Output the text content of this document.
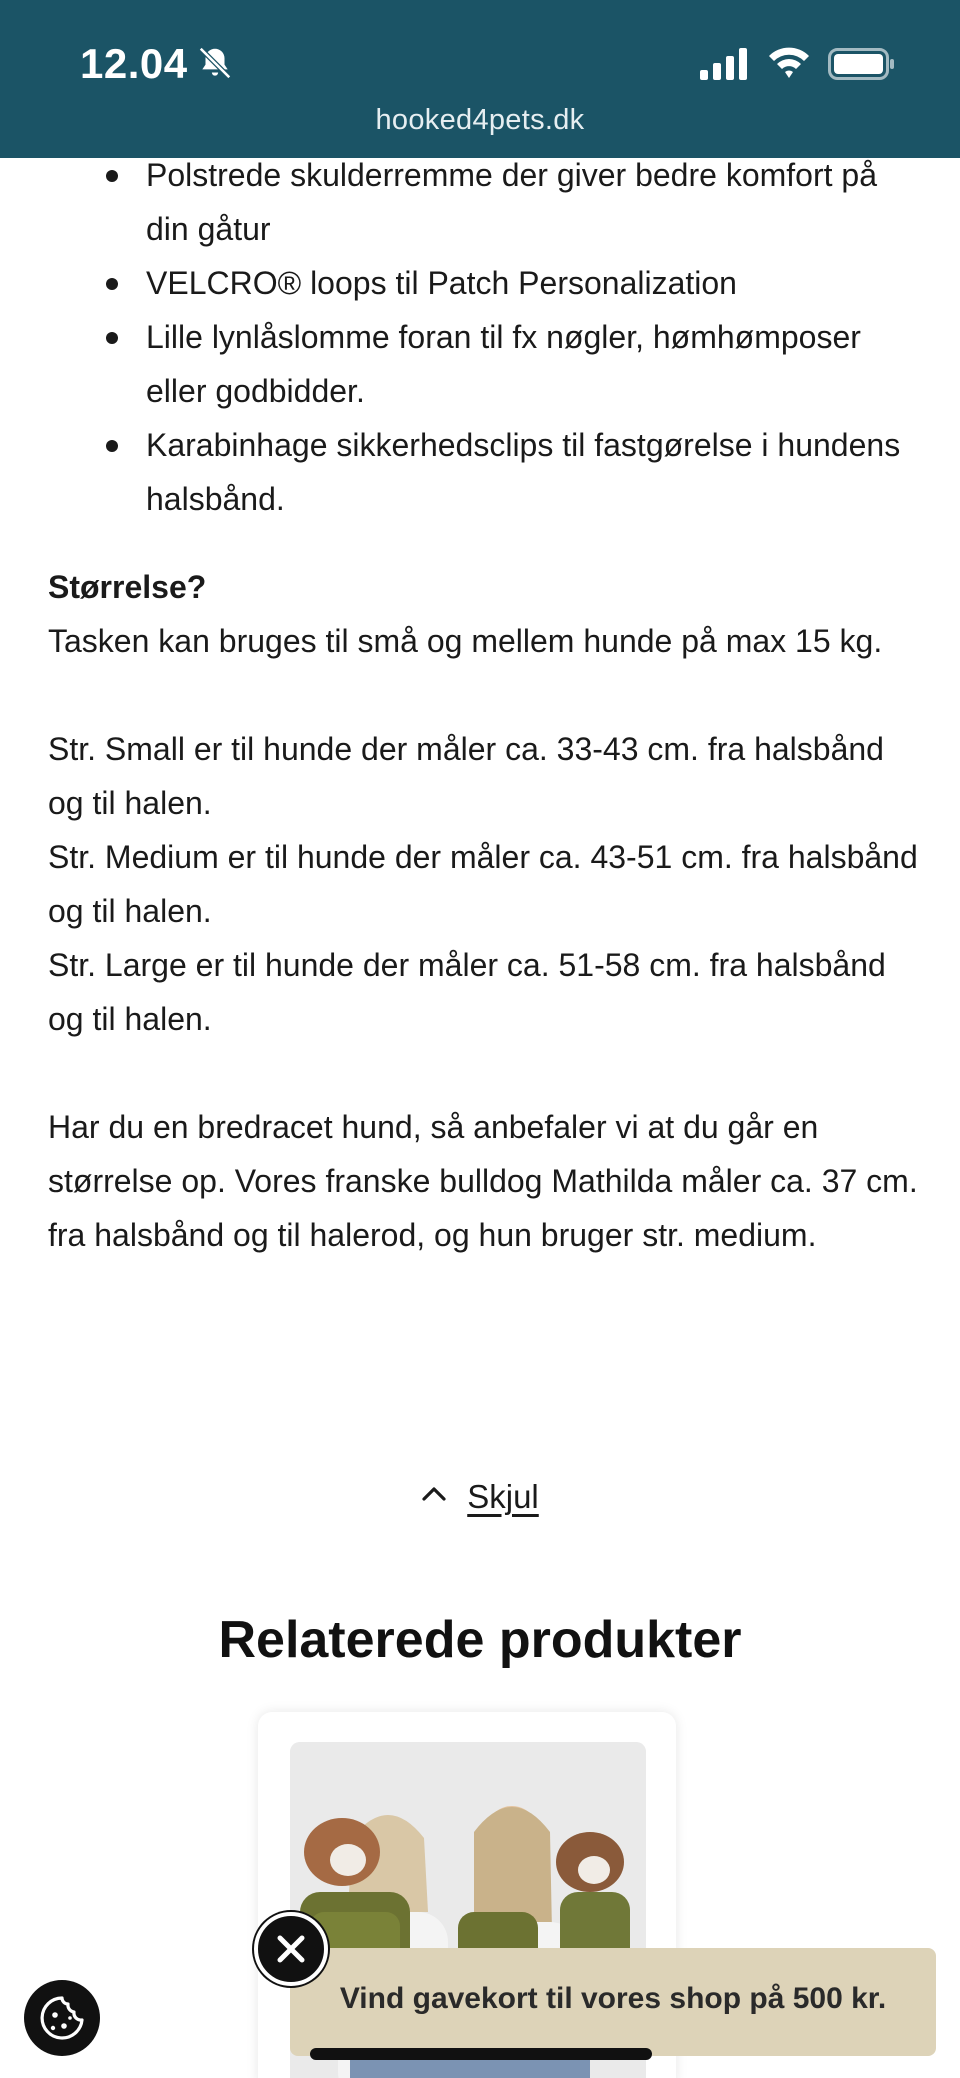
12.04
hooked4pets.dk
Polstrede skulderremme der giver bedre komfort på din gåtur
VELCRO® loops til Patch Personalization
Lille lynlåslomme foran til fx nøgler, hømhømposer eller godbidder.
Karabinhage sikkerhedsclips til fastgørelse i hundens halsbånd.
Størrelse?

Tasken kan bruges til små og mellem hunde på max 15 kg.

Str. Small er til hunde der måler ca. 33-43 cm. fra halsbånd og til halen.

Str. Medium er til hunde der måler ca. 43-51 cm. fra halsbånd og til halen.

Str. Large er til hunde der måler ca. 51-58 cm. fra halsbånd og til halen.

Har du en bredracet hund, så anbefaler vi at du går en størrelse op. Vores franske bulldog Mathilda måler ca. 37 cm. fra halsbånd og til halerod, og hun bruger str. medium.

Skjul
Relaterede produkter
Vind gavekort til vores shop på 500 kr.
